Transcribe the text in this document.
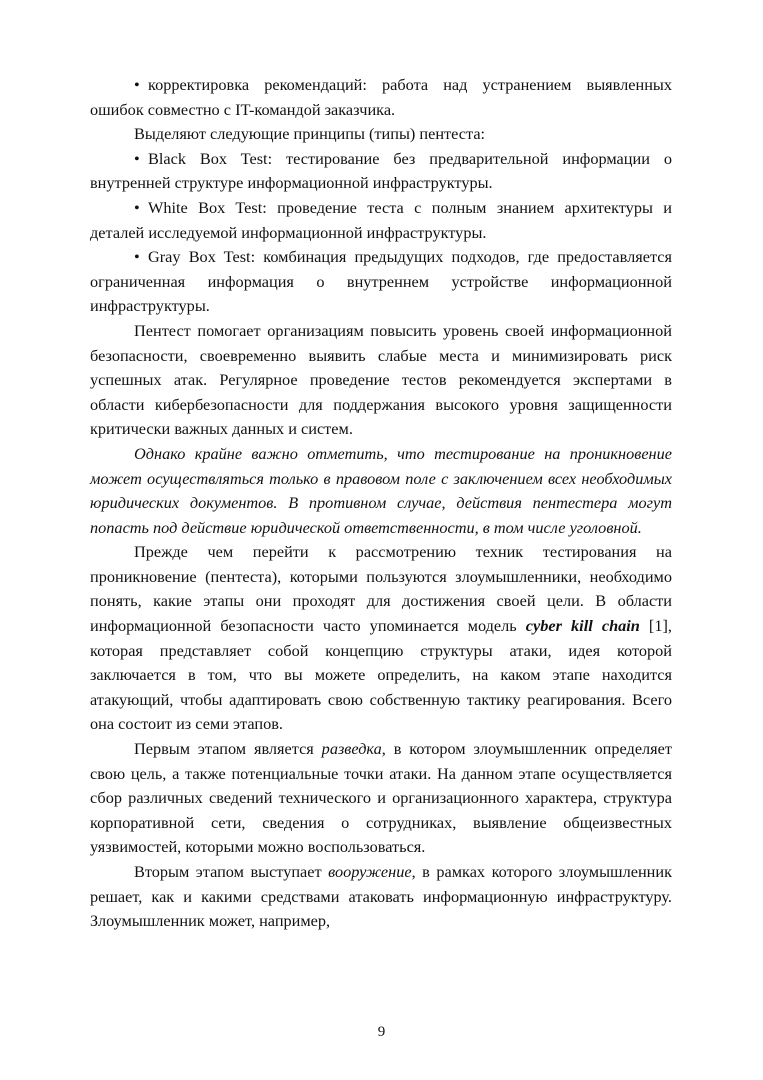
• корректировка рекомендаций: работа над устранением выявленных ошибок совместно с IT-командой заказчика.

Выделяют следующие принципы (типы) пентеста:

• Black Box Test: тестирование без предварительной информации о внутренней структуре информационной инфраструктуры.

• White Box Test: проведение теста с полным знанием архитектуры и деталей исследуемой информационной инфраструктуры.

• Gray Box Test: комбинация предыдущих подходов, где предоставляется ограниченная информация о внутреннем устройстве информационной инфраструктуры.

Пентест помогает организациям повысить уровень своей информационной безопасности, своевременно выявить слабые места и минимизировать риск успешных атак. Регулярное проведение тестов рекомендуется экспертами в области кибербезопасности для поддержания высокого уровня защищенности критически важных данных и систем.

Однако крайне важно отметить, что тестирование на проникновение может осуществляться только в правовом поле с заключением всех необходимых юридических документов. В противном случае, действия пентестера могут попасть под действие юридической ответственности, в том числе уголовной.

Прежде чем перейти к рассмотрению техник тестирования на проникновение (пентеста), которыми пользуются злоумышленники, необходимо понять, какие этапы они проходят для достижения своей цели. В области информационной безопасности часто упоминается модель cyber kill chain [1], которая представляет собой концепцию структуры атаки, идея которой заключается в том, что вы можете определить, на каком этапе находится атакующий, чтобы адаптировать свою собственную тактику реагирования. Всего она состоит из семи этапов.

Первым этапом является разведка, в котором злоумышленник определяет свою цель, а также потенциальные точки атаки. На данном этапе осуществляется сбор различных сведений технического и организационного характера, структура корпоративной сети, сведения о сотрудниках, выявление общеизвестных уязвимостей, которыми можно воспользоваться.

Вторым этапом выступает вооружение, в рамках которого злоумышленник решает, как и какими средствами атаковать информационную инфраструктуру. Злоумышленник может, например,

9
